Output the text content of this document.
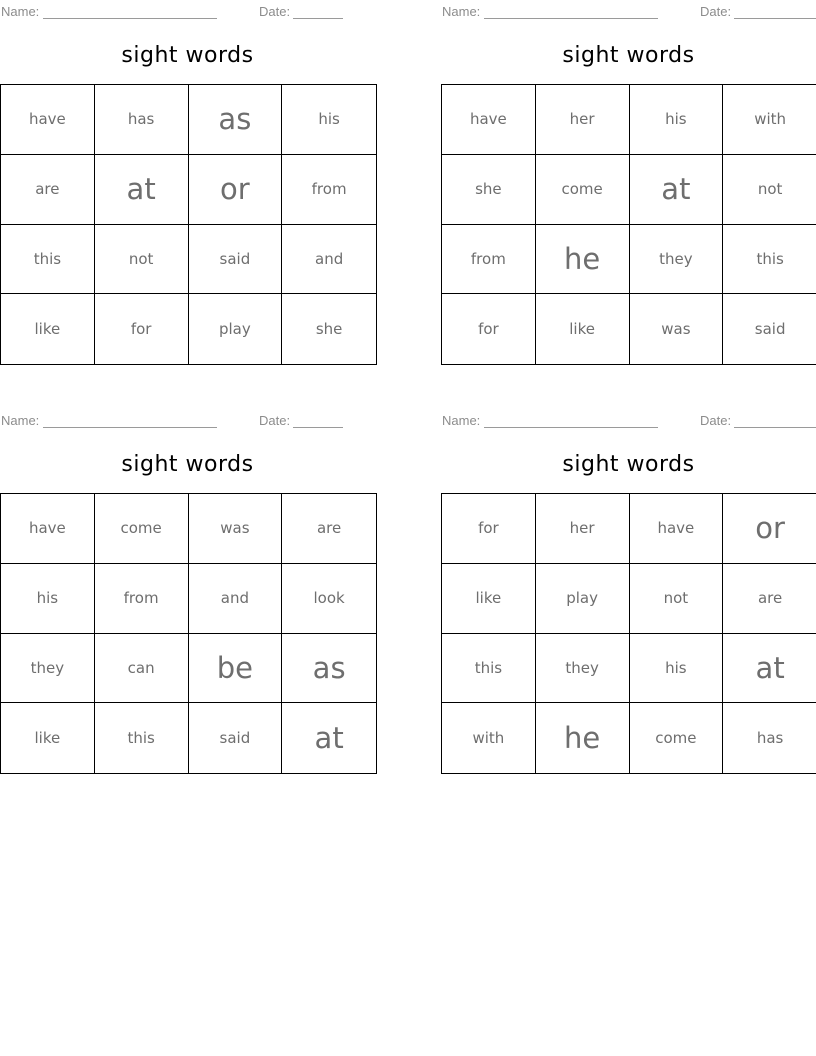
Name:	Date:
sight words
have	has	as	his
are	at	or	from
this	not	said	and
like	for	play	she
Name:	Date:
sight words
have	her	his	with
she	come	at	not
from	he	they	this
for	like	was	said
Name:	Date:
sight words
have	come	was	are
his	from	and	look
they	can	be	as
like	this	said	at
Name:	Date:
sight words
for	her	have	or
like	play	not	are
this	they	his	at
with	he	come	has
